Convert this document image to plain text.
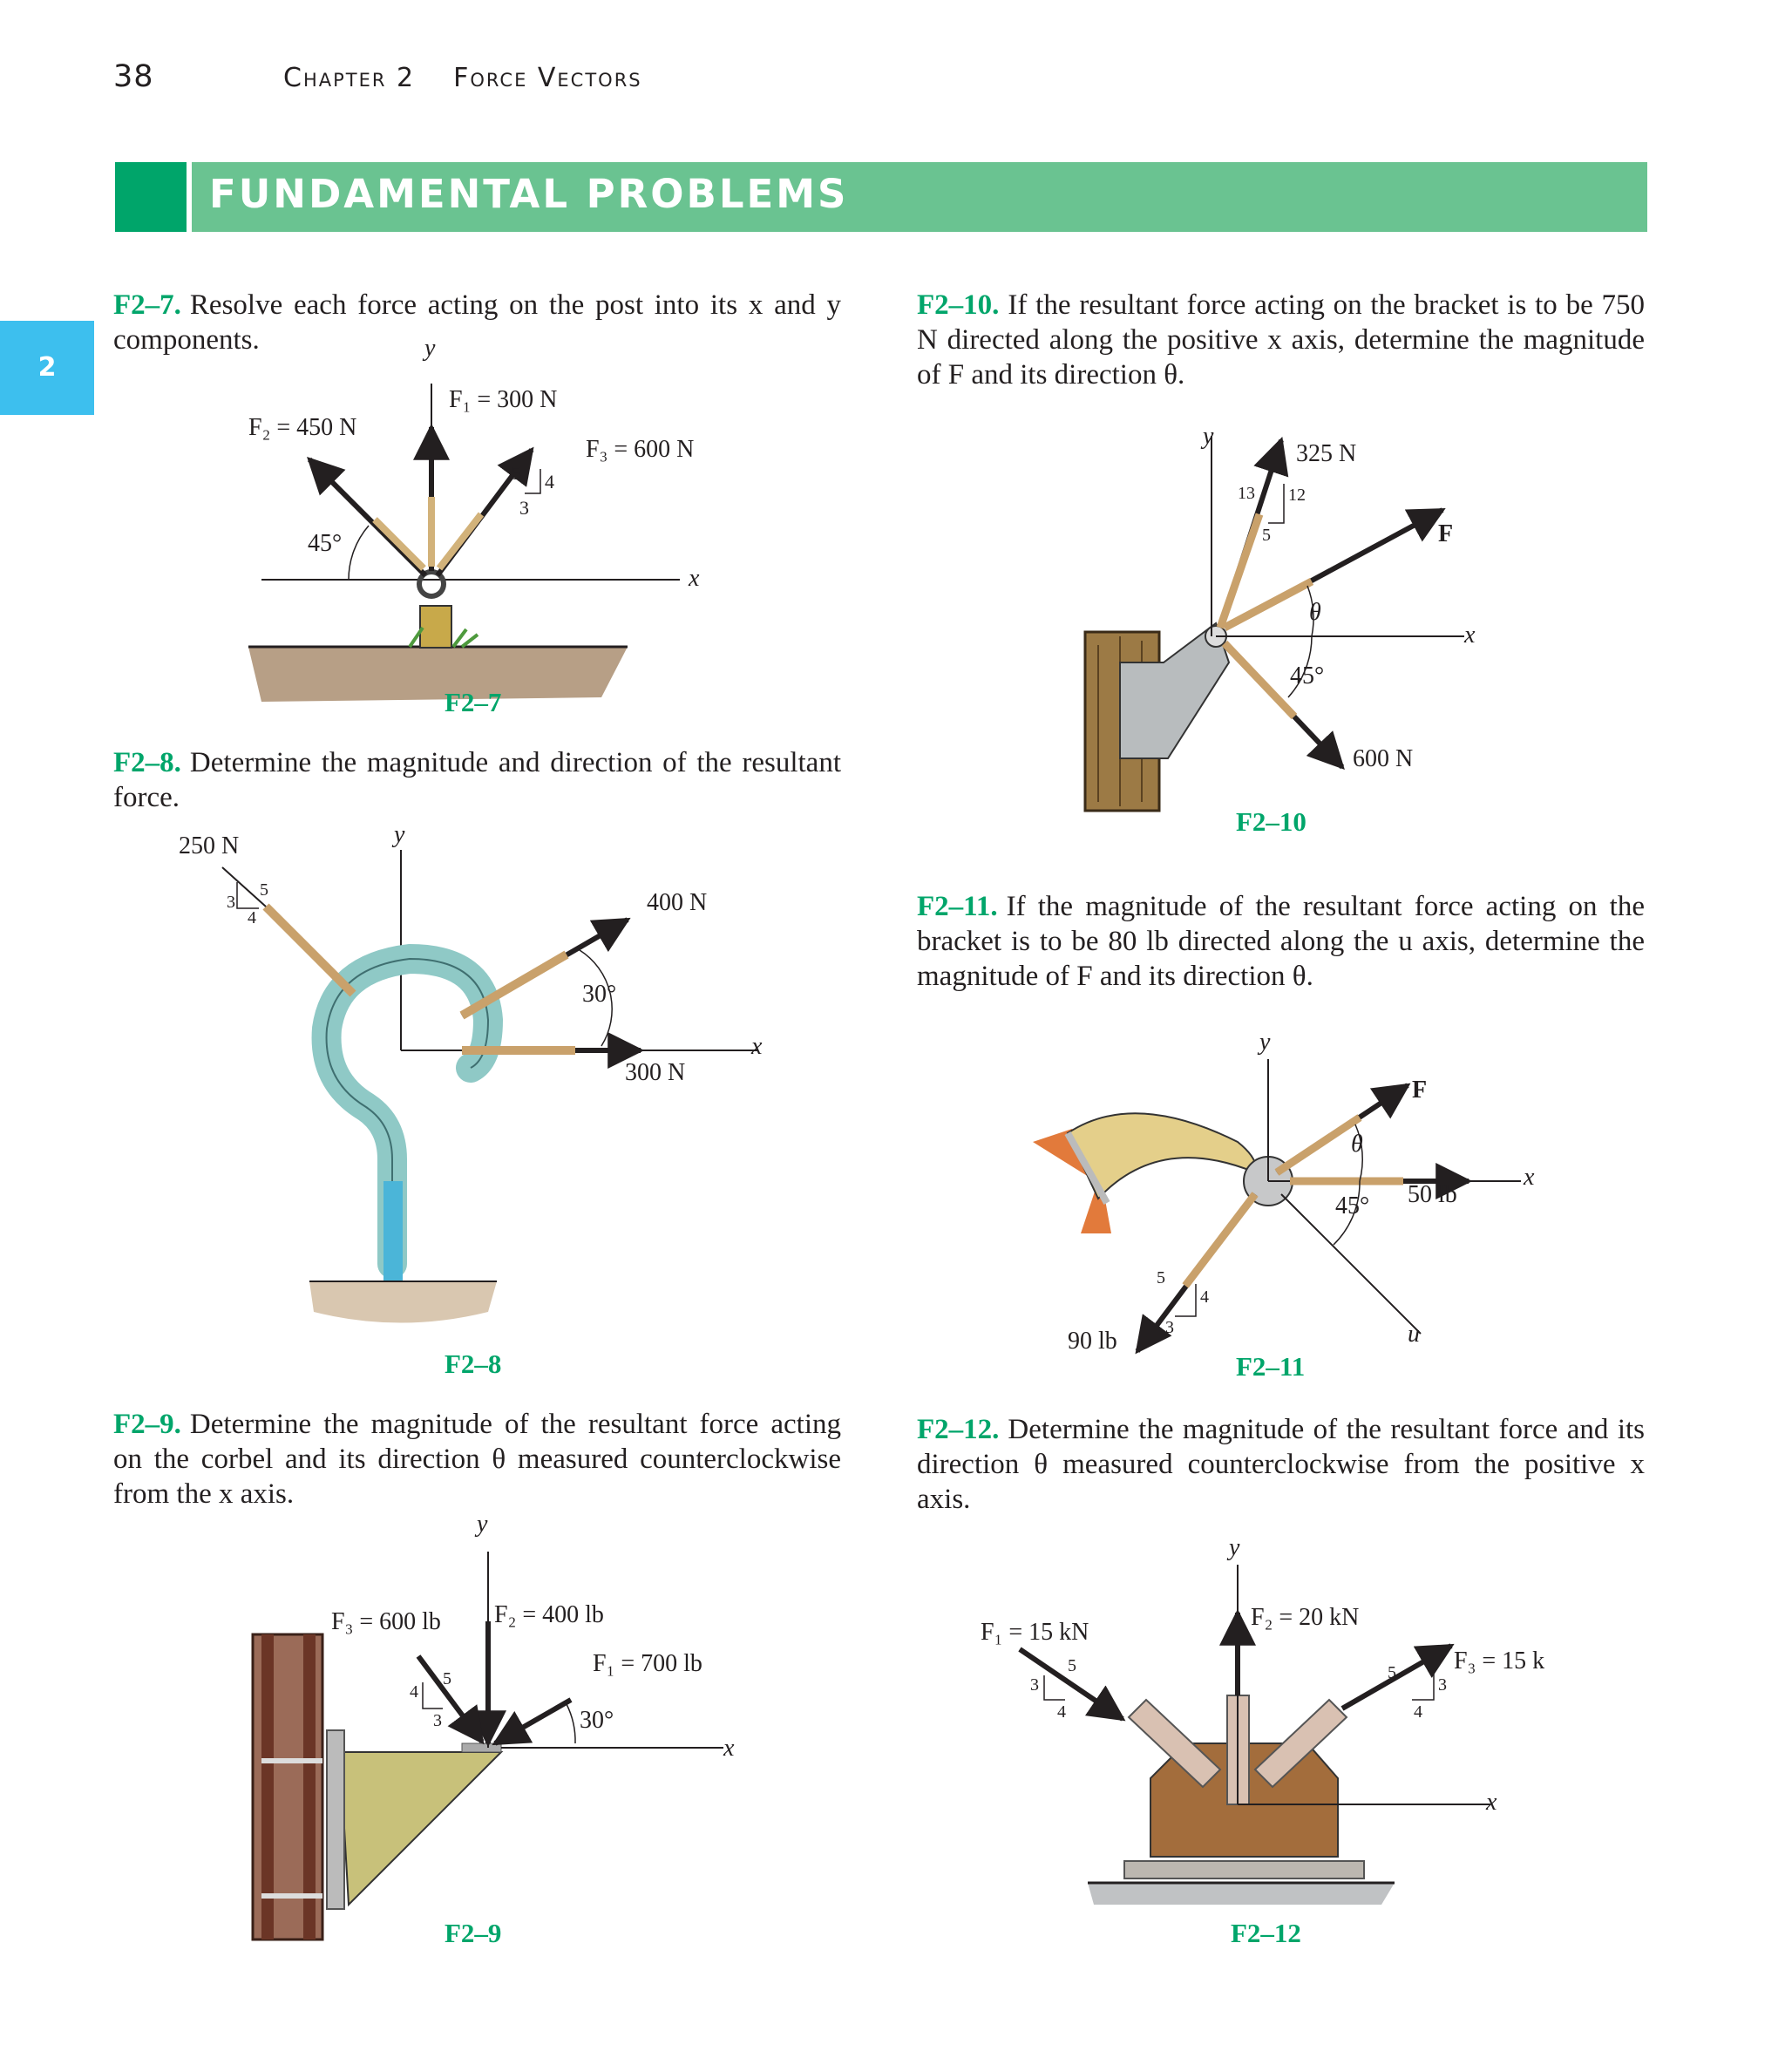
38	Chapter 2 Force Vectors
FUNDAMENTAL PROBLEMS
2
F2–7. Resolve each force acting on the post into its x and y components.
F2–8. Determine the magnitude and direction of the resultant force.
F2–9. Determine the magnitude of the resultant force acting on the corbel and its direction θ measured counterclockwise from the x axis.
F2–10. If the resultant force acting on the bracket is to be 750 N directed along the positive x axis, determine the magnitude of F and its direction θ.
F2–11. If the magnitude of the resultant force acting on the bracket is to be 80 lb directed along the u axis, determine the magnitude of F and its direction θ.
F2–12. Determine the magnitude of the resultant force and its direction θ measured counterclockwise from the positive x axis.
y
x
F₁ = 300 N
F₂ = 450 N
F₃ = 600 N
45°
5 4
3
F2–7
y
x
250 N
400 N
300 N
30°
5
4
3
F2–8
y
x
F₁ = 700 lb
F₂ = 400 lb
F₃ = 600 lb
30°
5
4
3
F2–9
y
x
325 N
600 N
F
θ
45°
13 12
5
F2–10
y
x
u
F
θ
50 lb
90 lb
45°
5
4
3
F2–11
y
x
F₁ = 15 kN
F₂ = 20 kN
F₃ = 15 k
5
3
4
5
3
4
F2–12
